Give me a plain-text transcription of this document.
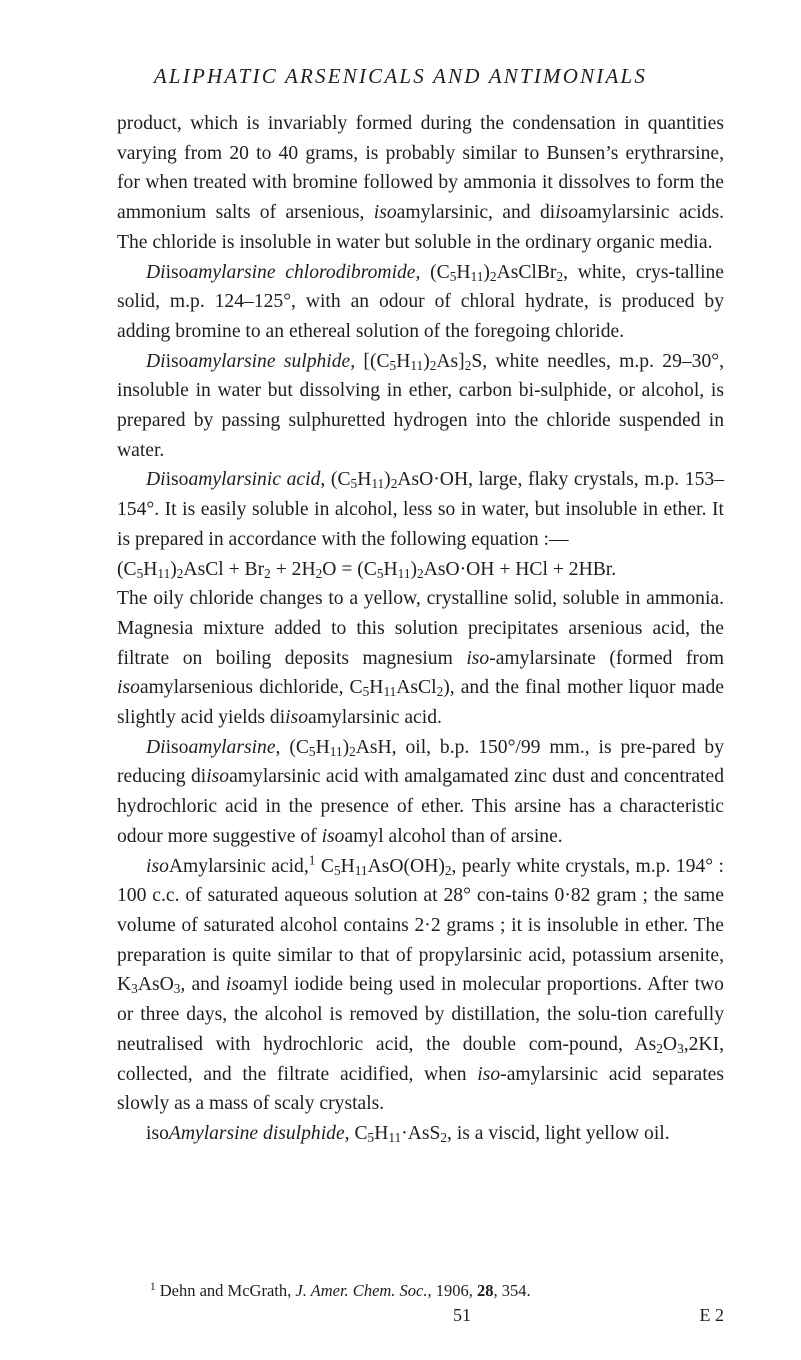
ALIPHATIC ARSENICALS AND ANTIMONIALS

product, which is invariably formed during the condensation in quantities varying from 20 to 40 grams, is probably similar to Bunsen’s erythrarsine, for when treated with bromine followed by ammonia it dissolves to form the ammonium salts of arsenious, isoamylarsinic, and diisoamylarsinic acids. The chloride is insoluble in water but soluble in the ordinary organic media.

Diisoamylarsine chlorodibromide, $(C_5H_{11})_2AsClBr_2$, white, crys-talline solid, m.p. 124–125°, with an odour of chloral hydrate, is produced by adding bromine to an ethereal solution of the foregoing chloride.

Diisoamylarsine sulphide, $[(C_5H_{11})_2As]_2S$, white needles, m.p. 29–30°, insoluble in water but dissolving in ether, carbon bi-sulphide, or alcohol, is prepared by passing sulphuretted hydrogen into the chloride suspended in water.

Diisoamylarsinic acid, $(C_5H_{11})_2AsO\cdot OH$, large, flaky crystals, m.p. 153–154°. It is easily soluble in alcohol, less so in water, but insoluble in ether. It is prepared in accordance with the following equation :—

$(C_5H_{11})_2AsCl + Br_2 + 2H_2O = (C_5H_{11})_2AsO\cdot OH$ + HCl + 2HBr.

The oily chloride changes to a yellow, crystalline solid, soluble in ammonia. Magnesia mixture added to this solution precipitates arsenious acid, the filtrate on boiling deposits magnesium iso-amylarsinate (formed from isoamylarsenious dichloride, $C_5H_{11}AsCl_2$), and the final mother liquor made slightly acid yields diisoamylarsinic acid.

Diisoamylarsine, $(C_5H_{11})_2AsH$, oil, b.p. 150°/99 mm., is pre-pared by reducing diisoamylarsinic acid with amalgamated zinc dust and concentrated hydrochloric acid in the presence of ether. This arsine has a characteristic odour more suggestive of isoamyl alcohol than of arsine.

isoAmylarsinic acid,$^1$ $C_5H_{11}AsO(OH)_2$, pearly white crystals, m.p. 194° : 100 c.c. of saturated aqueous solution at 28° con-tains 0·82 gram ; the same volume of saturated alcohol contains 2·2 grams ; it is insoluble in ether. The preparation is quite similar to that of propylarsinic acid, potassium arsenite, $K_3AsO_3$, and isoamyl iodide being used in molecular proportions. After two or three days, the alcohol is removed by distillation, the solu-tion carefully neutralised with hydrochloric acid, the double com-pound, $As_2O_3,2KI$, collected, and the filtrate acidified, when iso-amylarsinic acid separates slowly as a mass of scaly crystals.

isoAmylarsine disulphide, $C_5H_{11}\cdot AsS_2$, is a viscid, light yellow oil.

$^1$ Dehn and McGrath, J. Amer. Chem. Soc., 1906, 28, 354.
51	E 2
